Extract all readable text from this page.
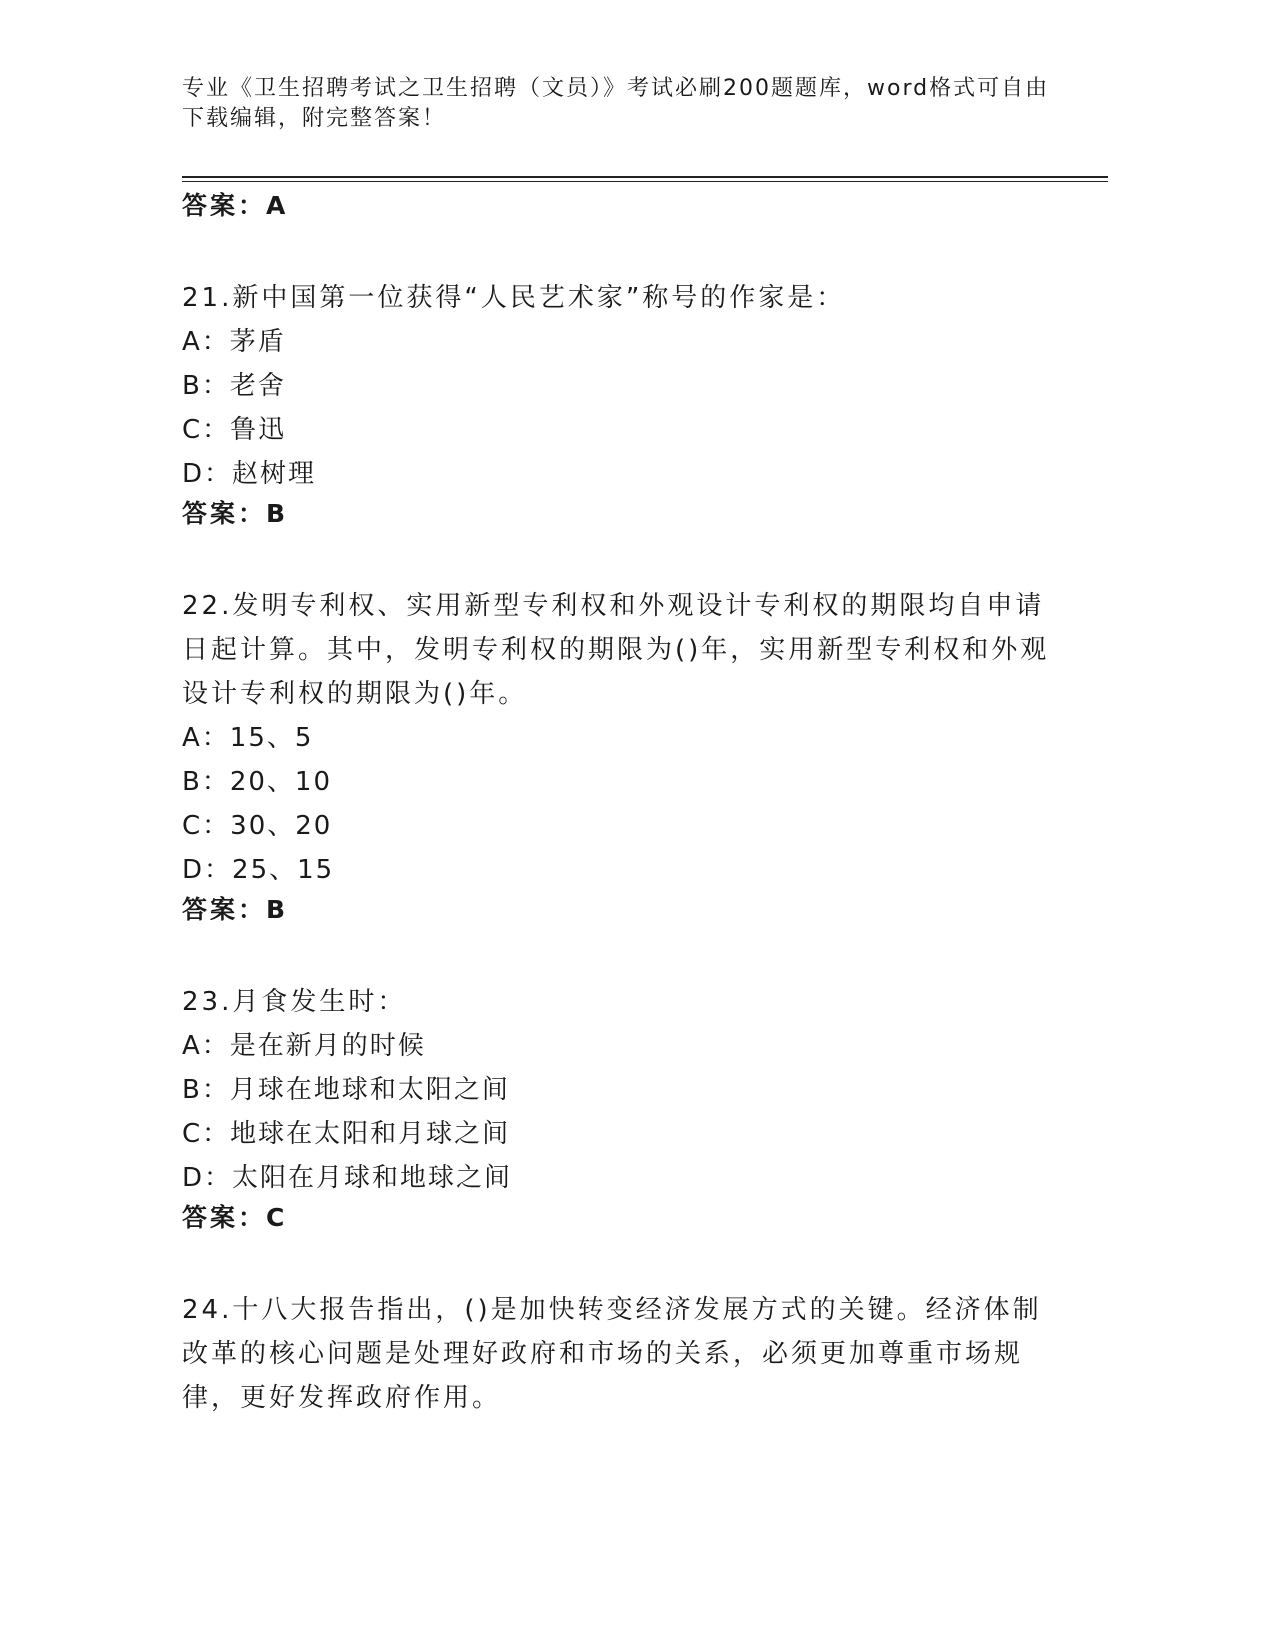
专业《卫生招聘考试之卫生招聘（文员）》考试必刷200题题库，word格式可自由下载编辑，附完整答案！
答案：A
21.新中国第一位获得“人民艺术家”称号的作家是：
A：茅盾
B：老舍
C：鲁迅
D：赵树理
答案：B
22.发明专利权、实用新型专利权和外观设计专利权的期限均自申请日起计算。其中，发明专利权的期限为()年，实用新型专利权和外观设计专利权的期限为()年。
A：15、5
B：20、10
C：30、20
D：25、15
答案：B
23.月食发生时：
A：是在新月的时候
B：月球在地球和太阳之间
C：地球在太阳和月球之间
D：太阳在月球和地球之间
答案：C
24.十八大报告指出，()是加快转变经济发展方式的关键。经济体制改革的核心问题是处理好政府和市场的关系，必须更加尊重市场规律，更好发挥政府作用。
